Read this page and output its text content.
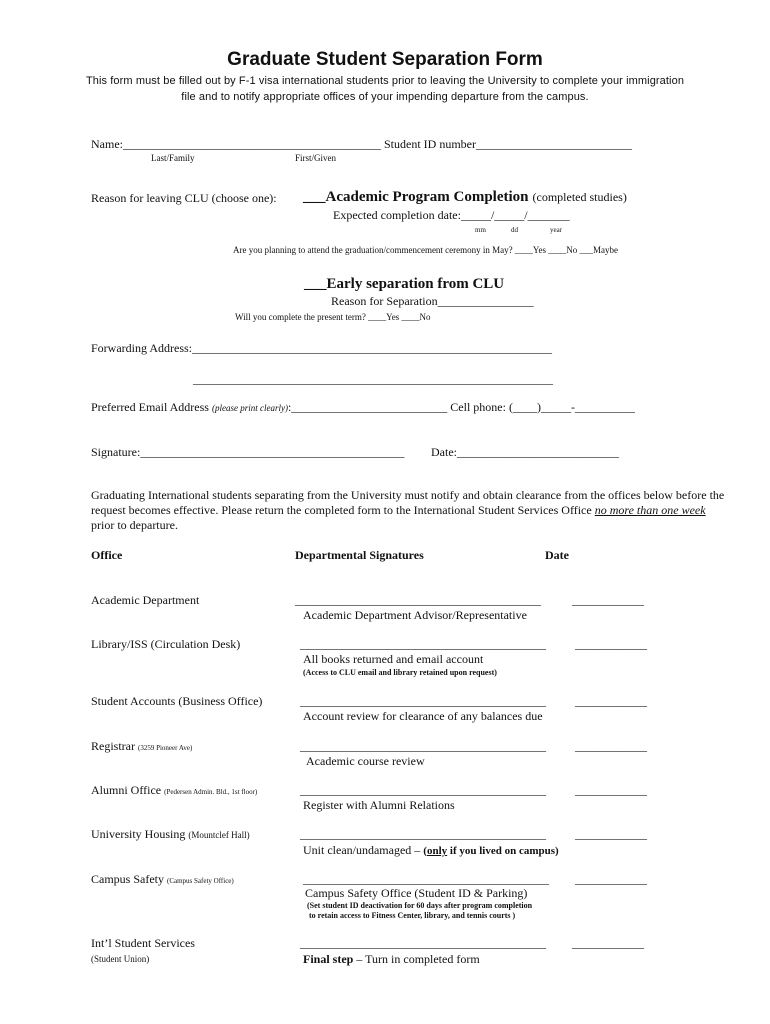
Graduate Student Separation Form
This form must be filled out by F-1 visa international students prior to leaving the University to complete your immigration file and to notify appropriate offices of your impending departure from the campus.
Name:___________________________________________ Student ID number__________________________
Last/Family	First/Given
Reason for leaving CLU (choose one): ___Academic Program Completion (completed studies)
Expected completion date:_____/_____/_______
mm	dd	year
Are you planning to attend the graduation/commencement ceremony in May? ____Yes ____No ___Maybe
___Early separation from CLU
Reason for Separation________________
Will you complete the present term? ____Yes ____No
Forwarding Address:____________________________________________________________
____________________________________________________________
Preferred Email Address (please print clearly):__________________________ Cell phone: (____)_____-__________
Signature:____________________________________________ Date:___________________________
Graduating International students separating from the University must notify and obtain clearance from the offices below before the request becomes effective. Please return the completed form to the International Student Services Office no more than one week prior to departure.
Office	Departmental Signatures	Date
Academic Department	_________________________________________	____________
Academic Department Advisor/Representative
Library/ISS (Circulation Desk)	_________________________________________ ____________
All books returned and email account
(Access to CLU email and library retained upon request)
Student Accounts (Business Office)	_________________________________________ ____________
Account review for clearance of any balances due
Registrar (3259 Pioneer Ave)	_________________________________________ ____________
Academic course review
Alumni Office (Pedersen Admin. Bld., 1st floor)	_________________________________________ ____________
Register with Alumni Relations
University Housing (Mountclef Hall)	_________________________________________ ____________
Unit clean/undamaged – (only if you lived on campus)
Campus Safety (Campus Safety Office)	_________________________________________ ____________
Campus Safety Office (Student ID & Parking)
(Set student ID deactivation for 60 days after program completion
to retain access to Fitness Center, library, and tennis courts )
Int’l Student Services
(Student Union)
_________________________________________ ____________
Final step – Turn in completed form
